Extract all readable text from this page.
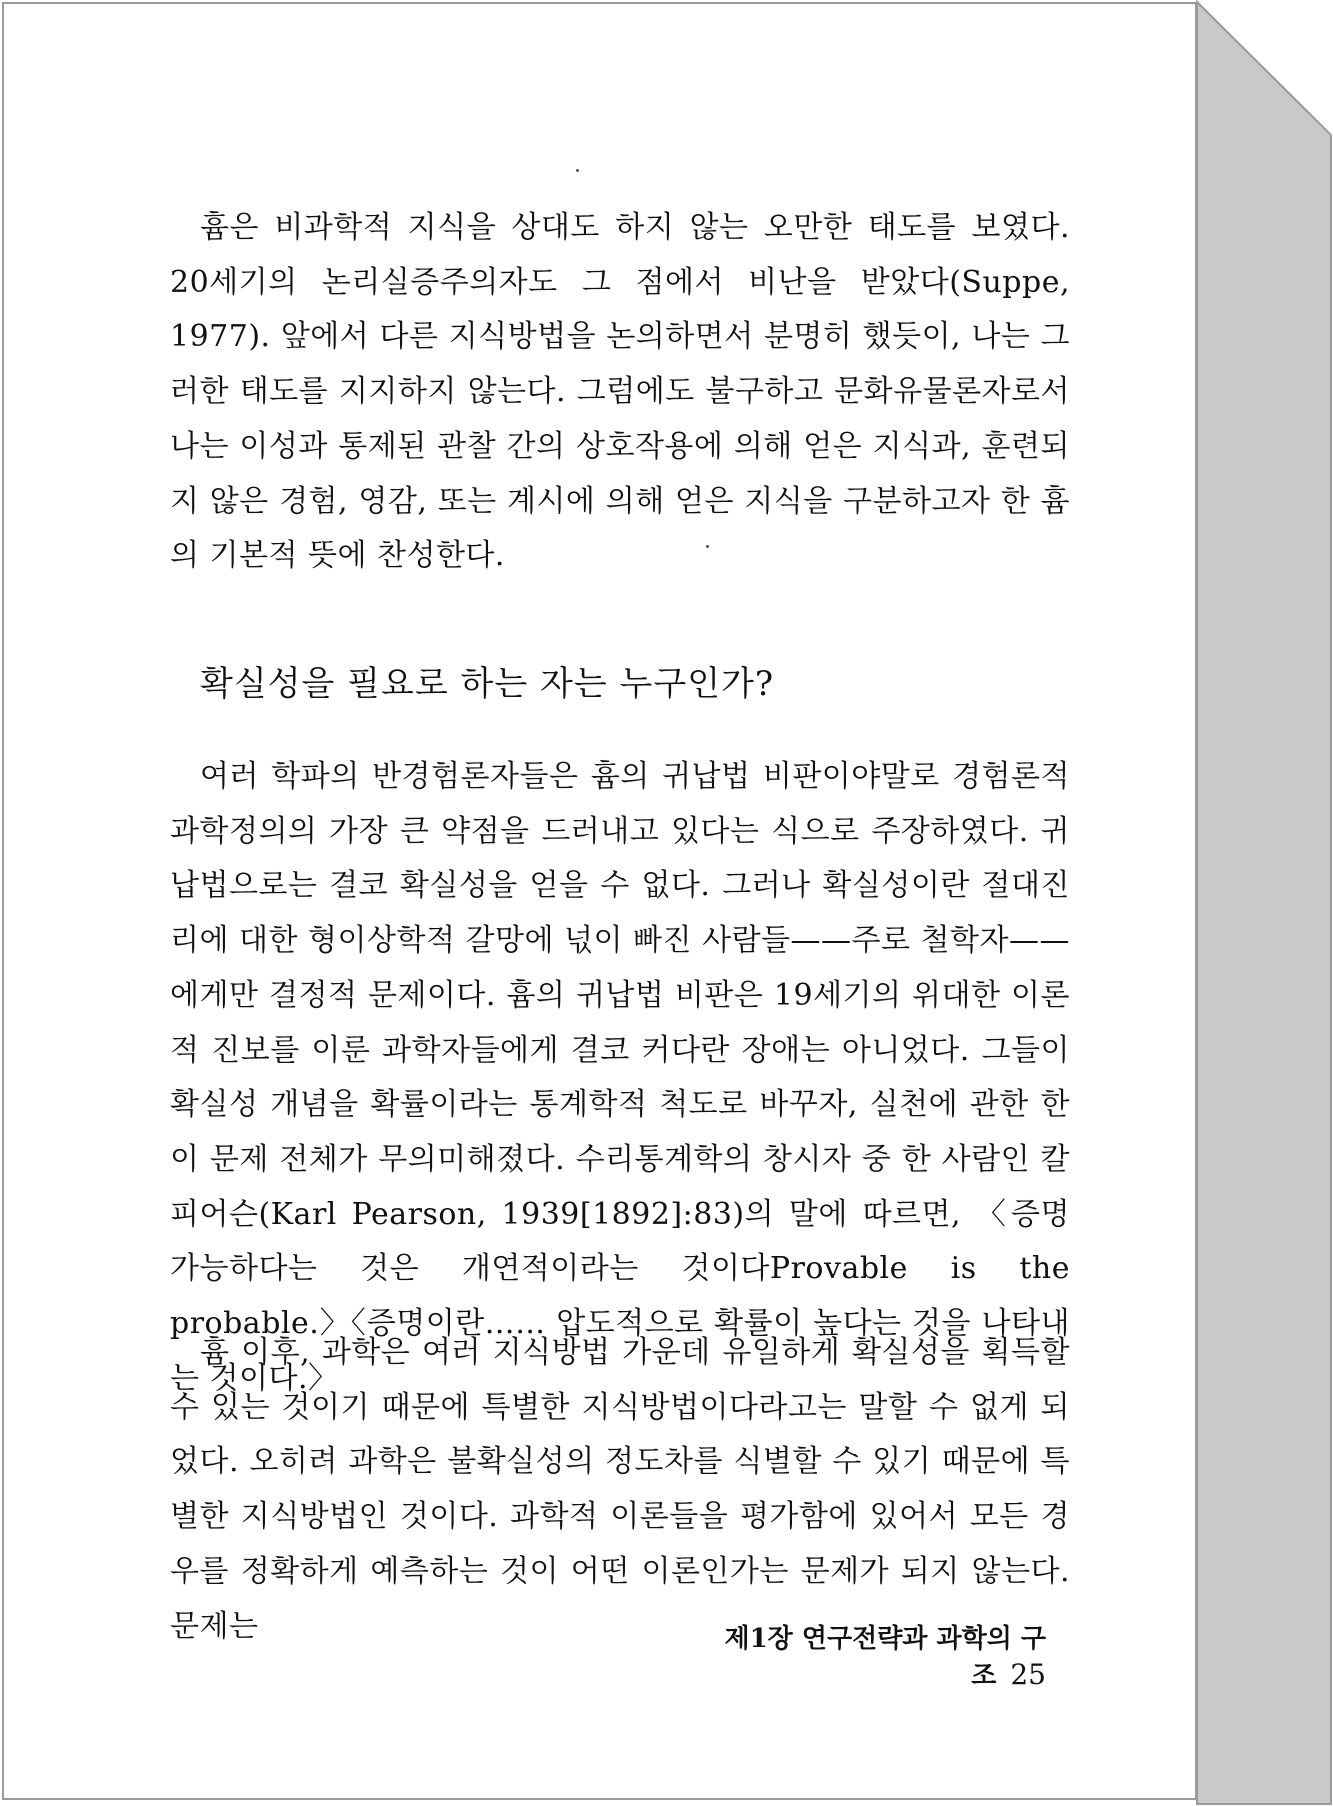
흄은 비과학적 지식을 상대도 하지 않는 오만한 태도를 보였다. 20세기의 논리실증주의자도 그 점에서 비난을 받았다(Suppe, 1977). 앞에서 다른 지식방법을 논의하면서 분명히 했듯이, 나는 그러한 태도를 지지하지 않는다. 그럼에도 불구하고 문화유물론자로서 나는 이성과 통제된 관찰 간의 상호작용에 의해 얻은 지식과, 훈련되지 않은 경험, 영감, 또는 계시에 의해 얻은 지식을 구분하고자 한 흄의 기본적 뜻에 찬성한다.

확실성을 필요로 하는 자는 누구인가?

여러 학파의 반경험론자들은 흄의 귀납법 비판이야말로 경험론적 과학정의의 가장 큰 약점을 드러내고 있다는 식으로 주장하였다. 귀납법으로는 결코 확실성을 얻을 수 없다. 그러나 확실성이란 절대진리에 대한 형이상학적 갈망에 넋이 빠진 사람들——주로 철학자——에게만 결정적 문제이다. 흄의 귀납법 비판은 19세기의 위대한 이론적 진보를 이룬 과학자들에게 결코 커다란 장애는 아니었다. 그들이 확실성 개념을 확률이라는 통계학적 척도로 바꾸자, 실천에 관한 한 이 문제 전체가 무의미해졌다. 수리통계학의 창시자 중 한 사람인 칼 피어슨(Karl Pearson, 1939[1892]:83)의 말에 따르면, 〈증명가능하다는 것은 개연적이라는 것이다Provable is the probable.〉〈증명이란…… 압도적으로 확률이 높다는 것을 나타내는 것이다.〉

흄 이후, 과학은 여러 지식방법 가운데 유일하게 확실성을 획득할 수 있는 것이기 때문에 특별한 지식방법이다라고는 말할 수 없게 되었다. 오히려 과학은 불확실성의 정도차를 식별할 수 있기 때문에 특별한 지식방법인 것이다. 과학적 이론들을 평가함에 있어서 모든 경우를 정확하게 예측하는 것이 어떤 이론인가는 문제가 되지 않는다. 문제는	제1장 연구전략과 과학의 구조 25
